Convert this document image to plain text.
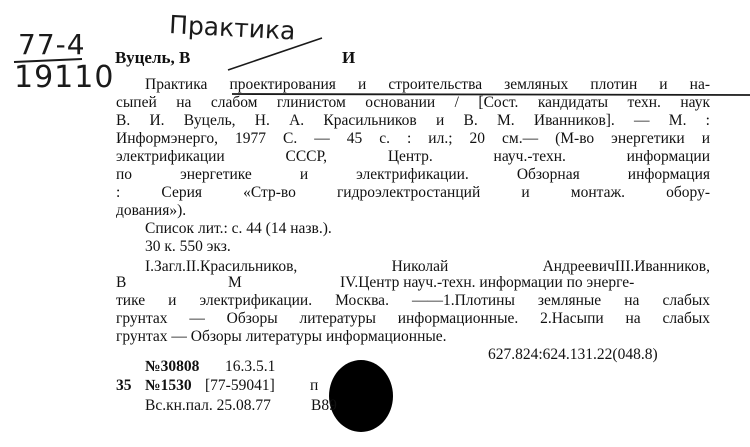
77-4
19110
Практика
Вуцель, В	И
Практика проектирования и строительства земляных плотин и на-
сыпей на слабом глинистом основании / [Сост. кандидаты техн. наук
В. И. Вуцель, Н. А. Красильников и В. М. Иванников]. — М. :
Информэнерго, 1977 С. — 45 с. : ил.; 20 см.— (М-во энергетики и
электрификации СССР, Центр. науч.-техн. информации
по энергетике и электрификации. Обзорная информация
: Серия «Стр-во гидроэлектростанций и монтаж. обору-
дования»).
Список лит.: с. 44 (14 назв.).
30 к. 550 экз.
I.Загл.II.Красильников, Николай АндреевичIII.Иванников,
В	М	IV.Центр науч.-техн. информации по энерге-
тике и электрификации. Москва. ——1.Плотины земляные на слабых
грунтах — Обзоры литературы информационные. 2.Насыпи на слабых
грунтах — Обзоры литературы информационные.
627.824:624.131.22(048.8)
№30808 16.3.5.1
35 №1530 [77-59041] п
Вс.кн.пал. 25.08.77	В89
